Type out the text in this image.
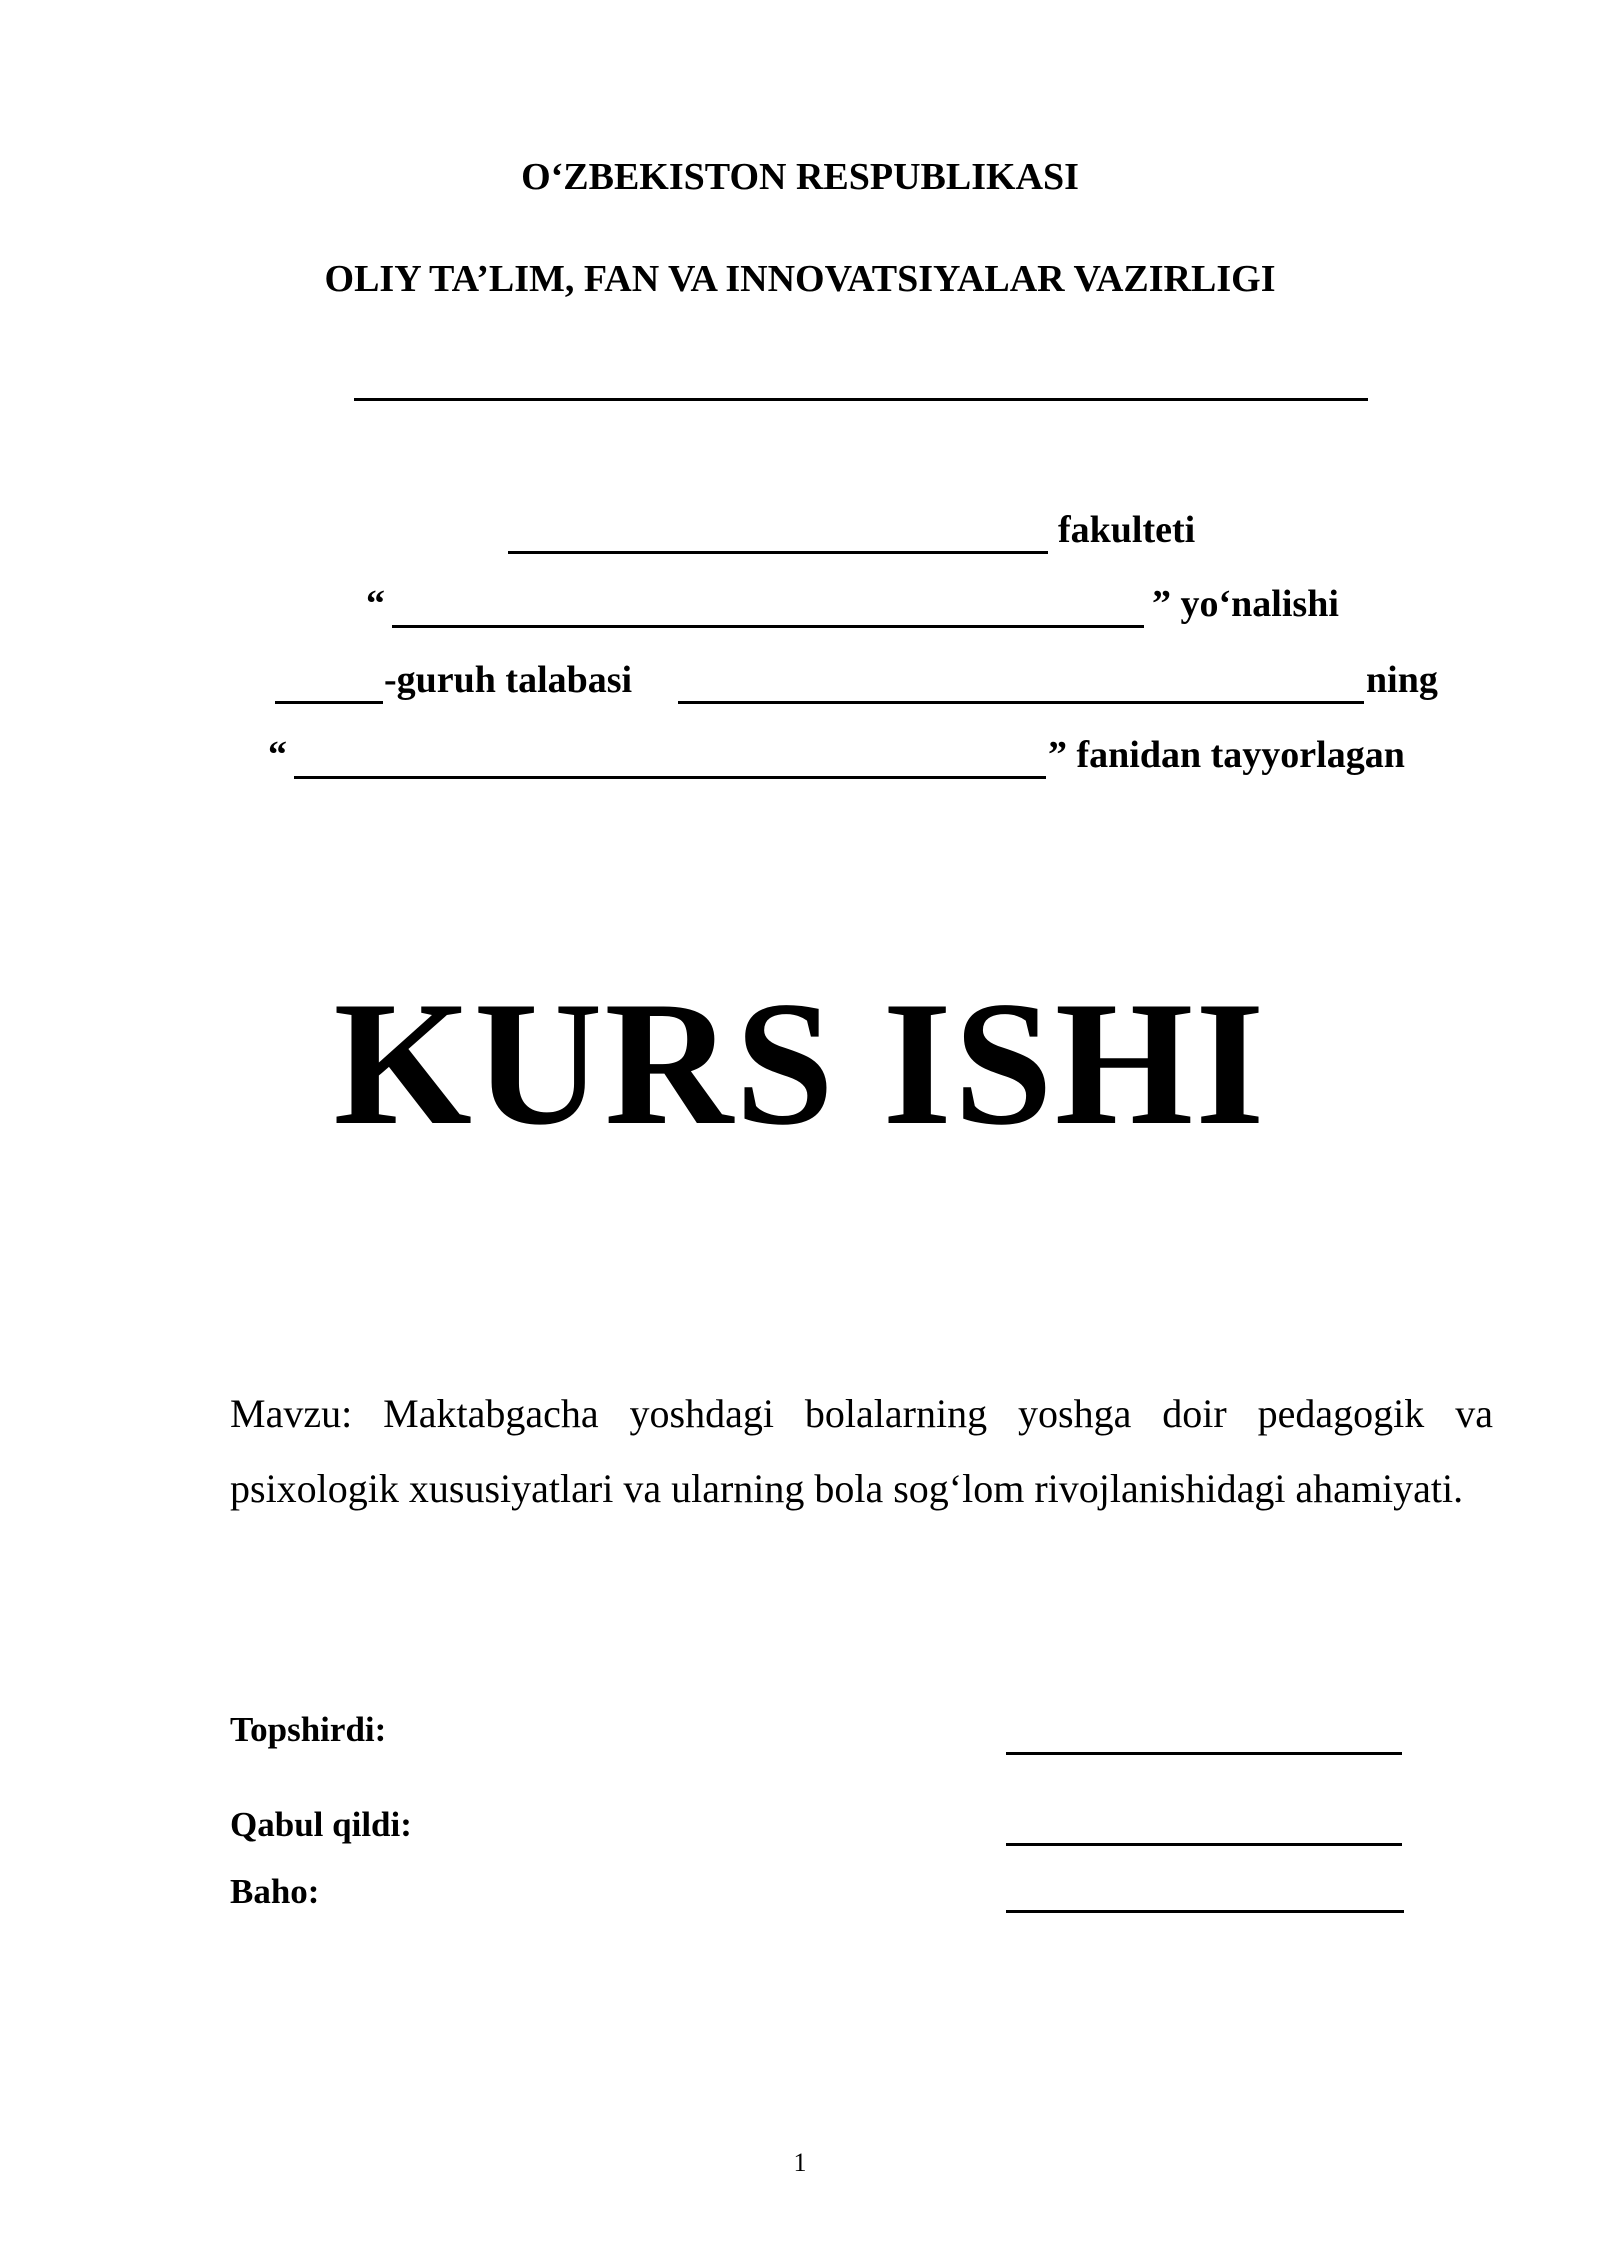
O‘ZBEKISTON RESPUBLIKASI
OLIY TA’LIM, FAN VA INNOVATSIYALAR VAZIRLIGI
fakulteti
“	” yo‘nalishi
-guruh talabasi	ning
“	” fanidan tayyorlagan
KURS ISHI
Mavzu: Maktabgacha yoshdagi bolalarning yoshga doir pedagogik va psixologik xususiyatlari va ularning bola sog‘lom rivojlanishidagi ahamiyati.
Topshirdi:
Qabul qildi:
Baho:
1
